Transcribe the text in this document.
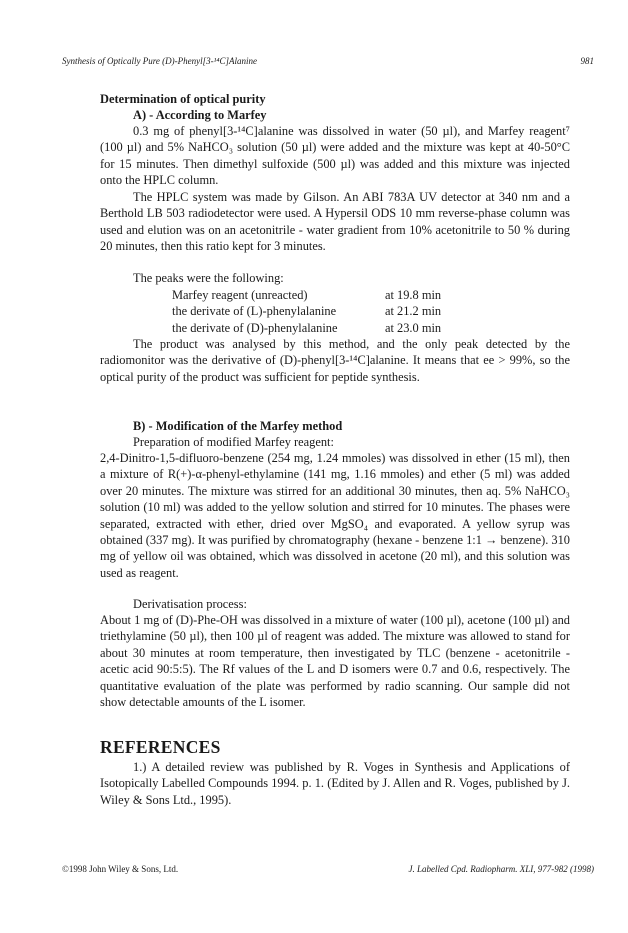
Synthesis of Optically Pure (D)-Phenyl[3-¹⁴C]Alanine	981
Determination of optical purity
A) - According to Marfey
0.3 mg of phenyl[3-¹⁴C]alanine was dissolved in water (50 µl), and Marfey reagent⁷ (100 µl) and 5% NaHCO₃ solution (50 µl) were added and the mixture was kept at 40-50°C for 15 minutes. Then dimethyl sulfoxide (500 µl) was added and this mixture was injected onto the HPLC column.
The HPLC system was made by Gilson. An ABI 783A UV detector at 340 nm and a Berthold LB 503 radiodetector were used. A Hypersil ODS 10 mm reverse-phase column was used and elution was on an acetonitrile - water gradient from 10% acetonitrile to 50 % during 20 minutes, then this ratio kept for 3 minutes.
The peaks were the following:
Marfey reagent (unreacted)	at 19.8 min
the derivate of (L)-phenylalanine	at 21.2 min
the derivate of (D)-phenylalanine	at 23.0 min
The product was analysed by this method, and the only peak detected by the radiomonitor was the derivative of (D)-phenyl[3-¹⁴C]alanine. It means that ee > 99%, so the optical purity of the product was sufficient for peptide synthesis.
B) - Modification of the Marfey method
Preparation of modified Marfey reagent:
2,4-Dinitro-1,5-difluoro-benzene (254 mg, 1.24 mmoles) was dissolved in ether (15 ml), then a mixture of R(+)-α-phenyl-ethylamine (141 mg, 1.16 mmoles) and ether (5 ml) was added over 20 minutes. The mixture was stirred for an additional 30 minutes, then aq. 5% NaHCO₃ solution (10 ml) was added to the yellow solution and stirred for 10 minutes. The phases were separated, extracted with ether, dried over MgSO₄ and evaporated. A yellow syrup was obtained (337 mg). It was purified by chromatography (hexane - benzene 1:1 → benzene). 310 mg of yellow oil was obtained, which was dissolved in acetone (20 ml), and this solution was used as reagent.
Derivatisation process:
About 1 mg of (D)-Phe-OH was dissolved in a mixture of water (100 µl), acetone (100 µl) and triethylamine (50 µl), then 100 µl of reagent was added. The mixture was allowed to stand for about 30 minutes at room temperature, then investigated by TLC (benzene - acetonitrile - acetic acid 90:5:5). The Rf values of the L and D isomers were 0.7 and 0.6, respectively. The quantitative evaluation of the plate was performed by radio scanning. Our sample did not show detectable amounts of the L isomer.
REFERENCES
1.) A detailed review was published by R. Voges in Synthesis and Applications of Isotopically Labelled Compounds 1994. p. 1. (Edited by J. Allen and R. Voges, published by J. Wiley & Sons Ltd., 1995).
©1998 John Wiley & Sons, Ltd.	J. Labelled Cpd. Radiopharm. XLI, 977-982 (1998)
